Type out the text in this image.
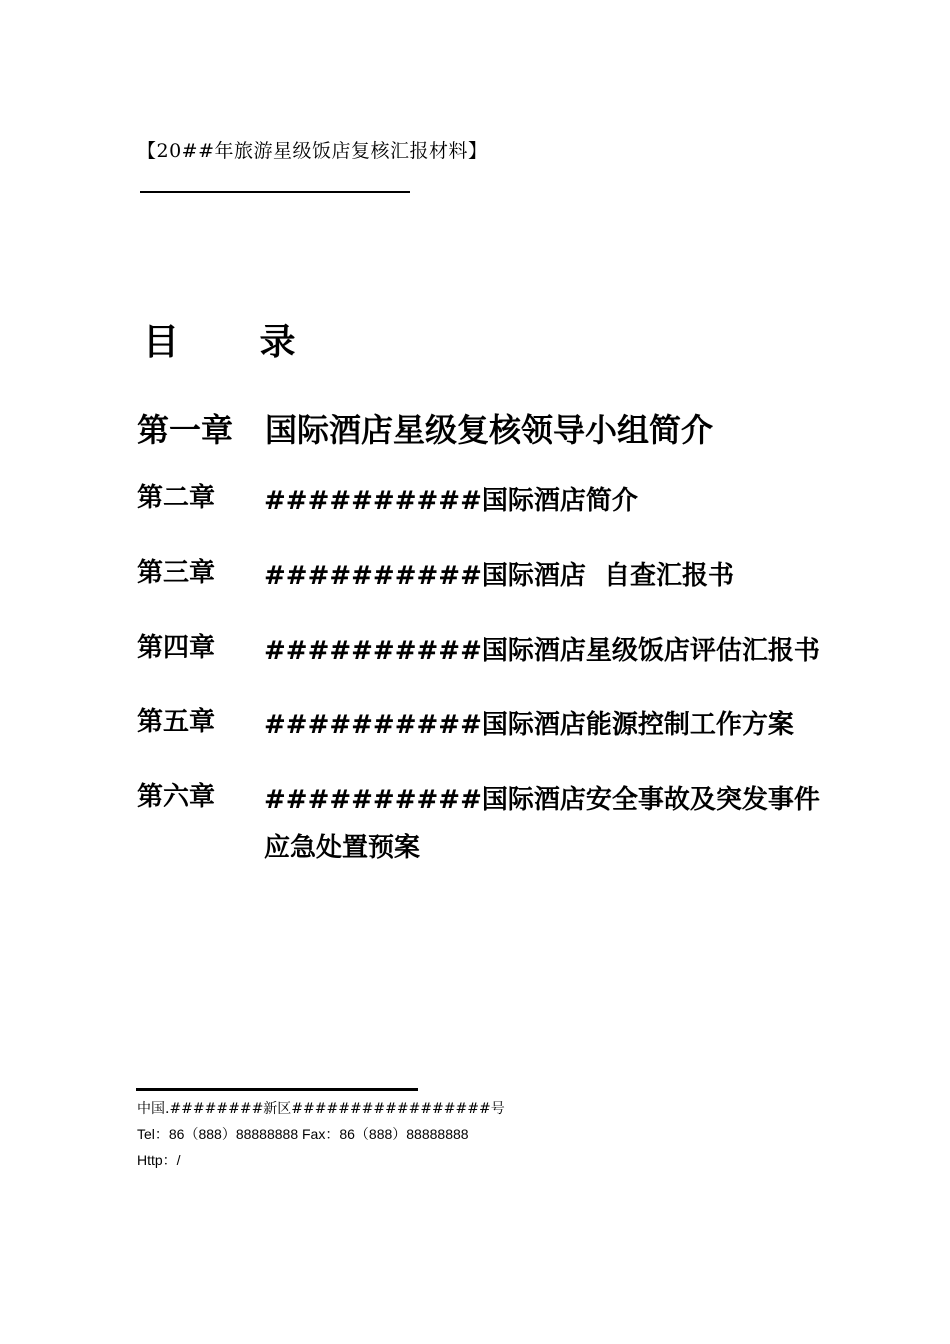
【20##年旅游星级饭店复核汇报材料】
目 录
第一章 国际酒店星级复核领导小组简介
第二章 ##########国际酒店简介
第三章 ##########国际酒店  自查汇报书
第四章 ##########国际酒店星级饭店评估汇报书
第五章 ##########国际酒店能源控制工作方案
第六章 ##########国际酒店安全事故及突发事件应急处置预案
中国.########新区#################号
Tel：86（888）88888888 Fax：86（888）88888888
Http：/
